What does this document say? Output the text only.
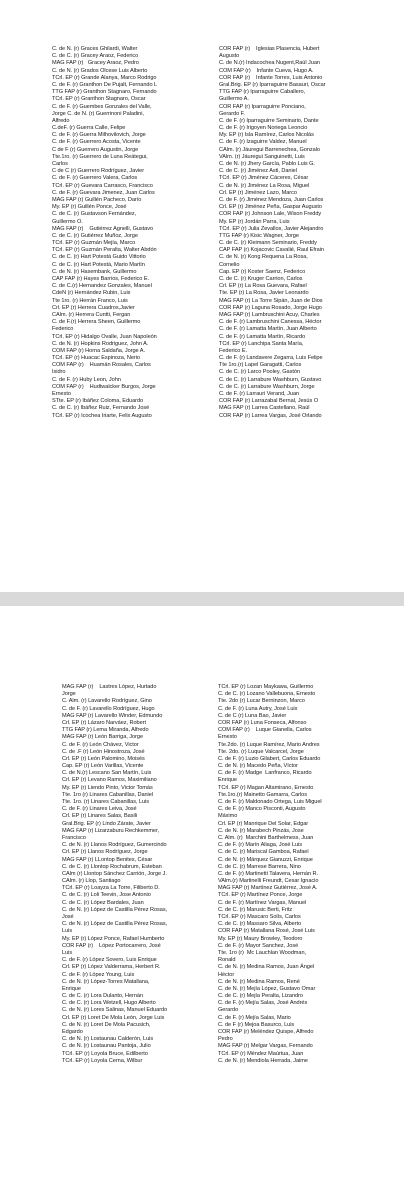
C. de N. (r) Graces Ghilardi, Walter
C. de C. (r) Gracey Araoz, Federico
MAG FAP (r)   Gracey Araoz, Pedro
C. de N. (r) Grados Olcese Luis Alberto
TCrl. EP (r) Grande Alanya, Marco Rodrigo
C. de F. (r) Granthon De Pujalt, Fernando L
TTG FAP (r) Granthon Stagnaro, Fernando
TCrl. EP (r) Granthon Stagnaro, Oscar
C. de F. (r) Guembes Gonzales del Valle,
Jorge C. de N. (r) Guerrinoni Paladini,
Alfredo
C.deF. (r) Guerra Calle, Felipe
C. de F. (r) Guerra Milhovilovich, Jorge
C. de F. (r) Guerrero Acosta, Vicente
C de F (r) Guerrero Augustin, Jorge
Tte.1ro. (r) Guerrero de Luna Reátegui,
Carlos
C de C (r) Guerrero Rodríguez, Javier
C. de F. (r) Guerrero Valera, Carlos
TCrl. EP (r) Guevara Carrasco, Francisco
C. de F. (r) Guevara Jimenez, Juan Carlos
MAG FAP (r) Guillén Pacheco, Darío
My. EP (r) Guillén Ponce, José
C. de C. (r) Gustavson Fernández,
Guillermo O.
MAG FAP (r)    Gutiérrez Agnelli, Gustavo
C. de C. (r) Gutiérrez Muñoz, Jorge
TCrl. EP (r) Guzmán Mejía, Marco
TCrl. EP (r) Guzmán Peralta, Walter Abdón
C. de C. (r) Hart Potestá Guido Vittorio
C. de C. (r) Hart Potestá, Mario Martín
C. de N. (r) Hasembank, Guillermo
CAP FAP (r) Hayes Barrios, Federico E.
C. de C.(r) Hernandez Gonzales, Manuel
CdeN (r) Hernández Rubin, Luis
Tte 1ro. (r) Herrán Franco, Luis
Crl. EP (r) Herrera Cuadros,Javier
CAlm. (r) Herrera Cuntti, Fergan
C. de F.(r) Herrera Sheen, Guillermo
Federico
TCrl. EP (r) Hidalgo Ovalle, Juan Napoleón
C. de N. (r) Hopkins Rodriguez, John A.
COM FAP (r) Horna Saldaña, Jorge A.
TCrl. EP (r) Huacac Espinoza, Nerio
COM FAP (r)    Huamán Rosales, Carlos
Isidro
C. de F. (r) Huby Leon, John
COM FAP (r)    Hudtwalcker Burgos, Jorge
Ernesto
STte. EP (r) Ibáñez Coloma, Eduardo
C. de C. (r) Ibáñez Ruiz, Fernando José
TCrl. EP (r) Icochea Iriarte, Felix Augusto
COR FAP (r)    Iglesias Plasencia, Hubert
Augusto
C. de N.(r) Indacochea Nugent,Raúl Juan
COM FAP (r)    Infante Cueva, Hugo A.
COR FAP (r)    Infante Torres, Luis Antonio
Gral.Brig. EP (r) Iparraguirre Basauri, Oscar
TTG FAP (r) Iparraguirre Caballero,
Guillermo A.
COR FAP (r) Iparraguirre Ponciano,
Gerardo F.
C. de F. (r) Iparraguirre Seminario, Dante
C. de F. (r) Irigoyen Noriega Leoncio
My. EP (r) Isla Ramírez, Carlos Nicolás
C. de F. (r) Izaguirre Valdez, Manuel
CAlm. (r) Jáuregui Barrenechea, Gonzalo
VAlm. (r) Jáuregui Sanguinetti, Luis
C. de N. (r) Jhery García, Pablo Luis G.
C. de C. (r) Jiménez Asti, Daniel
TCrl. EP (r) Jiménez Cáceres, César
C. de N. (r) Jiménez La Rosa, Miguel
Crl. EP (r) Jiménez Lazo, Marco
C. de F. (r) Jiménez Mendoza, Juan Carlos
Crl. EP (r) Jiménez Peña, Gaspar Augusto
COR FAP (r) Johnson Lale, Wison Freddy
My. EP (r) Jordán Parra, Luis
TCrl. EP (r) Julia Zevallos, Javier Alejandro
TTG FAP (r) Kisic Wagner, Jorge
C. de C. (r) Kleimann Seminario, Freddy
CAP FAP (r) Kojacovic Cavalié, Raul Efrain
C. de N. (r) Kong Requena La Rosa,
Cornelio
Cap. EP (r) Koster Saenz, Federico
C. de C. (r) Kruger Carrion, Carlos
Crl. EP (r) La Rosa Guevara, Rafael
Tte. EP (r) La Rosa, Javier Leonardo
MAG FAP (r) La Torre Sipán, Juan de Dios
COR FAP (r) Laguna Rosado, Jorge Hugo
MAG FAP (r) Lambruschini Acuy, Charles
C. de F. (r) Lambruschini Canessa, Héctor
C. de F. (r) Lamatta Martín, Juan Alberto
C. de F. (r) Lamatta Martín, Ricardo
TCrl. EP (r) Lanchipa Santa María,
Federico E.
C. de F. (r) Landavere Zegarra, Luis Felipe
Tte 1ro.(r) Lapel Garagatti, Carlos
C. de C. (r) Larco Pooley, Gastón
C. de C. (r) Larrabure Washburn, Gustavo
C. de C. (r) Larrabure Washburn, Jorge
C. de F. (r) Larrauri Verand, Juan
COR FAP (r) Larrazabal Bernal, Jesús O
MAG FAP (r) Larrea Castellano, Raúl
COR FAP (r) Larrea Vargas, José Orlando
MAG FAP (r)    Lastres López, Hurtado
Jorge
C. Alm. (r) Lavarello Rodríguez, Gino
C. de F. (r) Lavarello Rodríguez, Hugo
MAG FAP (r) Lavarello Winder, Edmundo
Crl. EP (r) Lázaro Narváez, Robert
TTG FAP (r) Lema Miranda, Alfredo
MAG FAP (r) León Barriga, Jorge
C. de F. (r) León Chávez, Victor
C. de .F (r) León Hinostroza, José
Crl. EP (r) León Palomino, Moisés
Cap. EP (r) León Varillas, Vicente
C. de N.(r) Lescano San Martín, Luis
Crl. EP (r) Levano Ramos, Maximiliano
My. EP (r) Liendo Pinto, Victor Tomás
Tte. 1ro (r) Linares Cabanillas, Daniel
Tte. 1ro. (r) Linares Cabanillas, Luis
C. de F. (r) Linares Leiva, José
Crl. EP (r) Linares Salas, Basili
Gral.Brig. EP (r) Lindo Zárate, Javier
MAG FAP (r) Lizarzaburu Rechkemmer,
Francisco
C. de N. (r) Llanos Rodríguez, Gumercindo
Crl. EP (r) Llanos Rodríguez, Jorge
MAG FAP (r) LLontop Benites, César
C. de C. (r) Llontop Rochabrum, Esteban
CAlm (r) Llontop Sánchez Carrión, Jorge J.
CAlm. (r) Llop, Santiago
TCrl. EP (r) Loayza La Torre, Filiberto D.
C. de C. (r) Loli Teevin, Jose Antonio
C. de C. (r) López Bardales, Juan
C. de N. (r) López de Castilla Pérez Rosas,
José
C. de N. (r) López de Castilla Pérez Rosas,
Luis
My. EP (r) López Ponce, Rafael Humberto
COR FAP (r)    López Portocarrero, José
Luis
C. de F. (r) López Sovero, Luis Enrique
Crl. EP (r) López Valderrama, Herbert R.
C. de F. (r) López Young, Luis
C. de N. (r) López-Torres Matallana,
Enrique
C. de C. (r) Lora Dulanto, Hernán
C. de C. (r) Lora Wetzell, Hugo Alberto
C. de N. (r) Lores Salinas, Manuel Eduardo
Crl. EP (r) Loret De Mola León, Jorge Luis
C. de N. (r) Loret De Mola Pacusich,
Edgardo
C. de N. (r) Lostaunau Calderón, Luis
C. de N. (r) Lostaunau Pantoja, Julio
TCrl. EP (r) Loyola Bruce, Edilberto
TCrl. EP (r) Loyola Cerna, Wilbur
TCrl. EP (r) Lozan Maykawa, Guillermo
C. de C. (r) Lozano Vallebuona, Ernesto
Tte. 2do (r) Lucar Berninzon, Marco
C. de F. (r) Luna Autry, José Luis
C. de C (r) Luna Bao, Javier
COR FAP (r) Luna Fonseca, Alfonso
COM FAP (r)    Luque Gianella, Carlos
Ernesto
Tte.2do. (r) Luque Ramírez, Mario Andres
Tte. 2do. (r) Luque Valcarcel, Jorge
C. de F. (r) Luzio Gilabert, Carlos Eduardo
C. de N. (r) Macedo Peña, Víctor
C. de F. (r) Madge  Lanfranco, Ricardo
Enrique
TCrl. EP (r) Magan Altamirano, Ernesto
Tte.1ro.(r) Mainetto Gamarra, Carlos
C. de F. (r) Maldonado Ortega, Luis Miguel
C. de F. (r) Manco Pisconti, Augusto
Máximo
Crl. EP (r) Manrique Del Solar, Edgar
C. de N. (r) Marabech Pinzás, Jose
C. Alm. (r)  Marchini Barthelmess, Juan
C. de F. (r) Marín Aliaga, José Luis
C. de C. (r) Mariscal Gamboa, Rafael
C. de N. (r) Márquez Gianuzzi, Enrique
C. de C. (r) Marrese Barrera, Nino
C. de F. (r) Martinetti Talavera, Hernán R.
VAlm.(r) Martinelli Freundt, Cesar Ignacio
MAG FAP (r) Martínez Gutiérrez, José A.
TCrl. EP (r) Martínez Ponce, Jorge
C. de F. (r) Martínez Vargas, Manuel
C. de C. (r) Marusic Berti, Fritz
TCrl. EP (r) Mascaro Solís, Carlos
C. de C. (r) Massaro Silva, Alberto
COR FAP (r) Matallana Rosé, José Luis
My. EP (r) Maury Browley, Teodoro
C. de F. (r) Mayor Sanchez, José
Tte. 1ro (r)  Mc Lauchlan Woodman,
Ronald
C. de N. (r) Medina Ramos, Juan Ángel
Héctor
C. de N. (r) Medina Ramos, René
C. de N. (r) Mejía López, Gustavo Omar
C. de C. (r) Mejía Peralta, Lizandro
C. de F. (r) Mejía Salas, José Andrés
Gerardo
C. de F. (r) Mejía Salas, Mario
C. de F (r) Mejoa Basurco, Luis
COR FAP (r) Meléndez Quispe, Alfredo
Pedro
MAG FAP (r) Melgar Vargas, Fernando
TCrl. EP (r) Méndez Maúrtua, Juan
C. de N. (r) Mendiola Herrada, Jaime
